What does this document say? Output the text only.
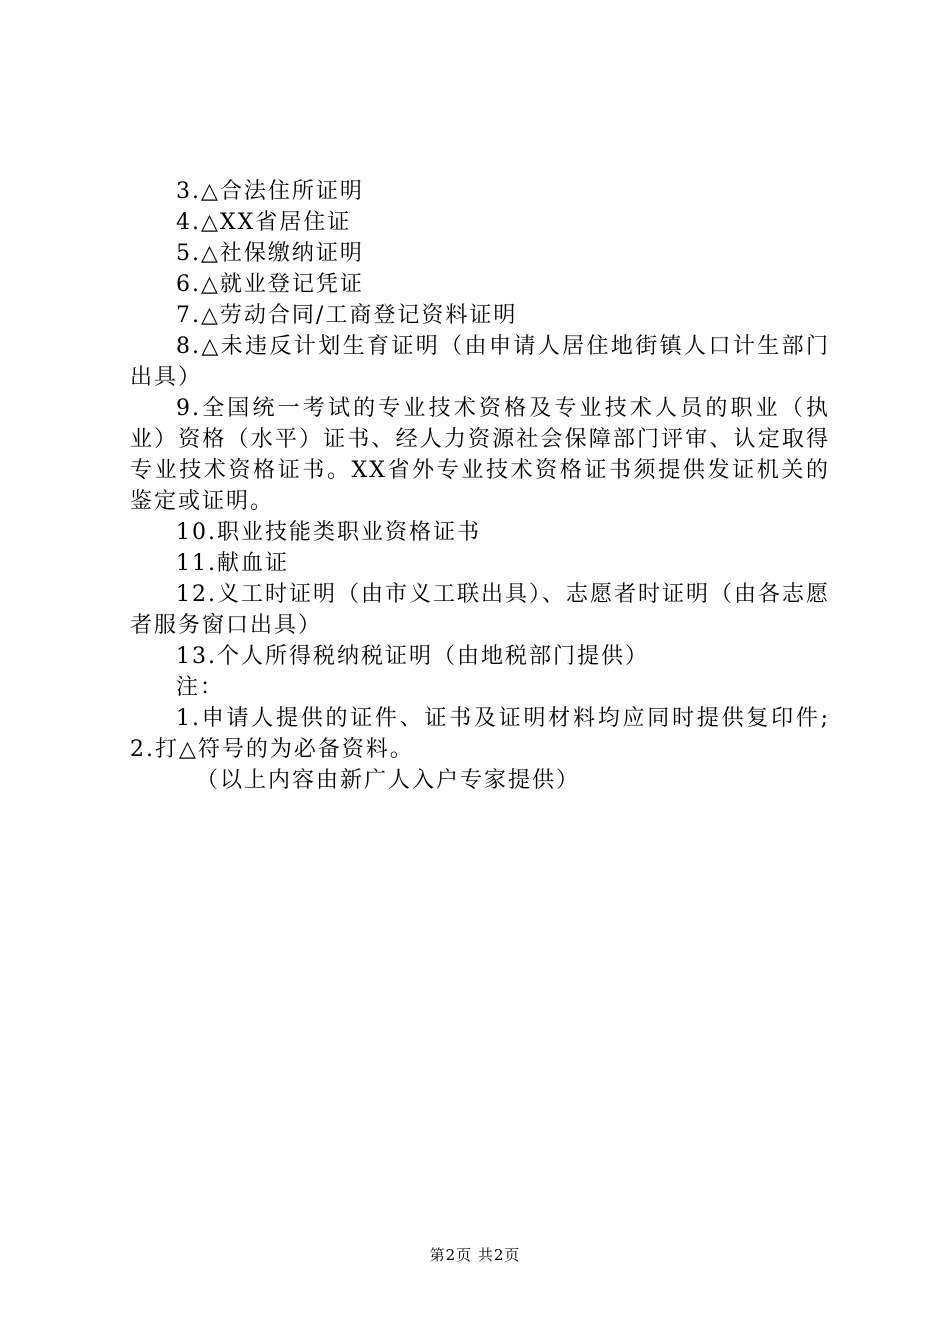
3.△合法住所证明

4.△XX省居住证

5.△社保缴纳证明

6.△就业登记凭证

7.△劳动合同/工商登记资料证明

8.△未违反计划生育证明（由申请人居住地街镇人口计生部门出具）

9.全国统一考试的专业技术资格及专业技术人员的职业（执业）资格（水平）证书、经人力资源社会保障部门评审、认定取得专业技术资格证书。XX省外专业技术资格证书须提供发证机关的鉴定或证明。

10.职业技能类职业资格证书

11.献血证

12.义工时证明（由市义工联出具）、志愿者时证明（由各志愿者服务窗口出具）

13.个人所得税纳税证明（由地税部门提供）

注：

1.申请人提供的证件、证书及证明材料均应同时提供复印件;2.打△符号的为必备资料。

（以上内容由新广人入户专家提供）

第2页 共2页
